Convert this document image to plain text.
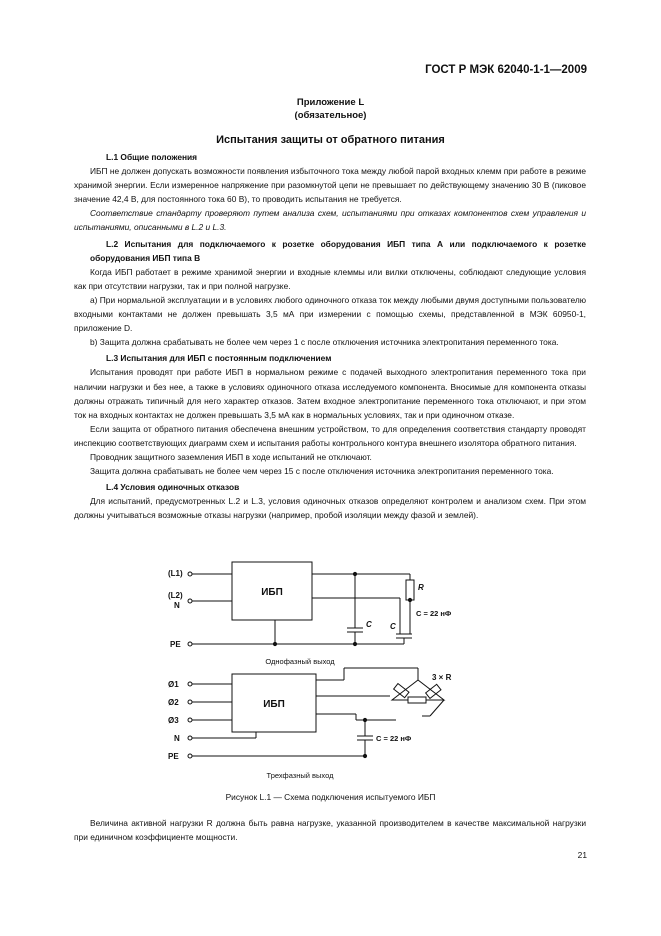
ГОСТ Р МЭК 62040-1-1—2009
Приложение L
(обязательное)
Испытания защиты от обратного питания

L.1 Общие положения

ИБП не должен допускать возможности появления избыточного тока между любой парой входных клемм при работе в режиме хранимой энергии. Если измеренное напряжение при разомкнутой цепи не превышает по действующему значению 30 В (пиковое значение 42,4 В, для постоянного тока 60 В), то проводить испытания не требуется.

Соответствие стандарту проверяют путем анализа схем, испытаниями при отказах компонентов схем управления и испытаниями, описанными в L.2 и L.3.

L.2 Испытания для подключаемого к розетке оборудования ИБП типа А или подключаемого к розетке оборудования ИБП типа В

Когда ИБП работает в режиме хранимой энергии и входные клеммы или вилки отключены, соблюдают следующие условия как при отсутствии нагрузки, так и при полной нагрузке.

a) При нормальной эксплуатации и в условиях любого одиночного отказа ток между любыми двумя доступными пользователю входными контактами не должен превышать 3,5 мА при измерении с помощью схемы, представленной в МЭК 60950-1, приложение D.

b) Защита должна срабатывать не более чем через 1 с после отключения источника электропитания переменного тока.

L.3 Испытания для ИБП с постоянным подключением

Испытания проводят при работе ИБП в нормальном режиме с подачей выходного электропитания переменного тока при наличии нагрузки и без нее, а также в условиях одиночного отказа исследуемого компонента. Вносимые для компонента отказы должны отражать типичный для него характер отказов. Затем входное электропитание переменного тока отключают, и при этом ток на входных контактах не должен превышать 3,5 мА как в нормальных условиях, так и при одиночном отказе.

Если защита от обратного питания обеспечена внешним устройством, то для определения соответствия стандарту проводят инспекцию соответствующих диаграмм схем и испытания работы контрольного контура внешнего изолятора обратного питания.

Проводник защитного заземления ИБП в ходе испытаний не отключают.

Защита должна срабатывать не более чем через 15 с после отключения источника электропитания переменного тока.

L.4 Условия одиночных отказов

Для испытаний, предусмотренных L.2 и L.3, условия одиночных отказов определяют контролем и анализом схем. При этом должны учитываться возможные отказы нагрузки (например, пробой изоляции между фазой и землей).

ИБП
(L1)
(L2)
N
PE
R
C C
C = 22 нФ
Однофазный выход
ИБП
Ø1
Ø2
Ø3
N
PE
3 × R
C = 22 нФ
Трехфазный выход
Рисунок L.1 — Схема подключения испытуемого ИБП

Величина активной нагрузки R должна быть равна нагрузке, указанной производителем в качестве максимальной нагрузки при единичном коэффициенте мощности.

21
